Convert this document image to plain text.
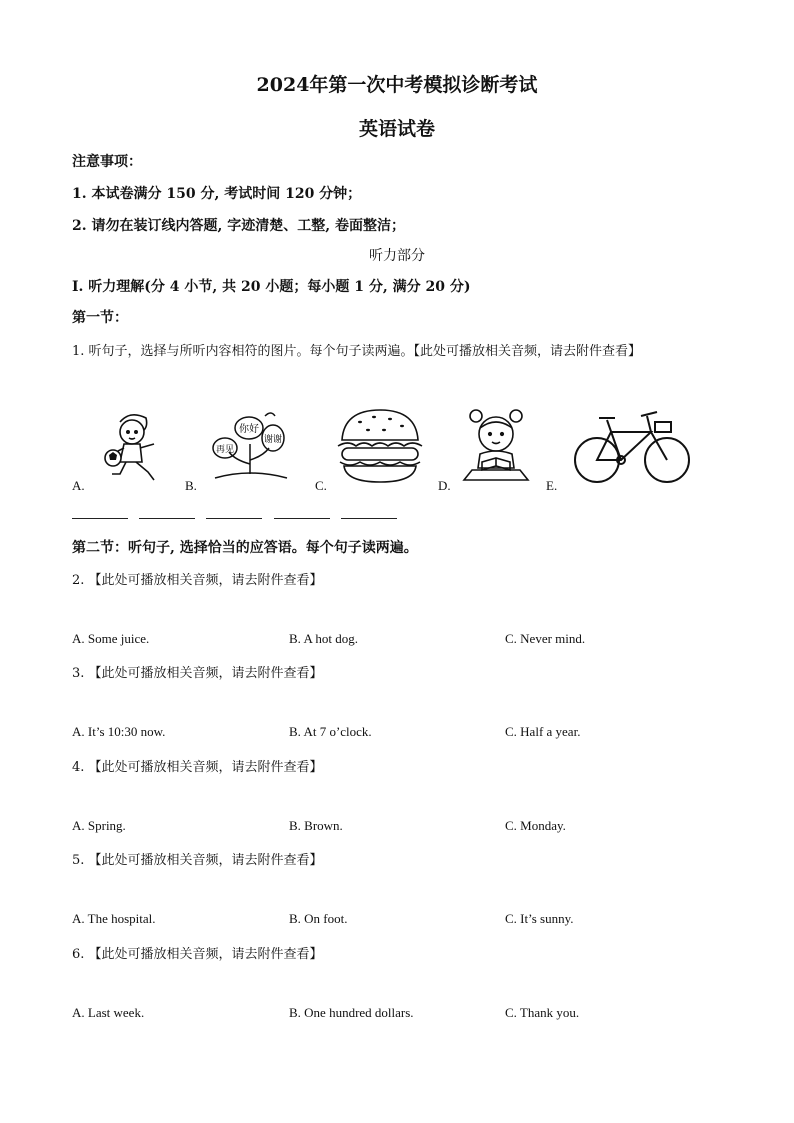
2024年第一次中考模拟诊断考试
英语试卷
注意事项：
1. 本试卷满分 150 分, 考试时间 120 分钟；
2. 请勿在装订线内答题, 字迹清楚、工整, 卷面整洁；
听力部分
I. 听力理解(分 4 小节, 共 20 小题；每小题 1 分, 满分 20 分)
第一节：
1. 听句子，选择与所听内容相符的图片。每个句子读两遍。【此处可播放相关音频，请去附件查看】
A.	B.
再见
你好
谢谢
C.	D.	E.
第二节：听句子, 选择恰当的应答语。每个句子读两遍。
2. 【此处可播放相关音频，请去附件查看】
A. Some juice.	B. A hot dog.	C. Never mind.
3. 【此处可播放相关音频，请去附件查看】
A. It’s 10:30 now.	B. At 7 o’clock.	C. Half a year.
4. 【此处可播放相关音频，请去附件查看】
A. Spring.	B. Brown.	C. Monday.
5. 【此处可播放相关音频，请去附件查看】
A. The hospital.	B. On foot.	C. It’s sunny.
6. 【此处可播放相关音频，请去附件查看】
A. Last week.	B. One hundred dollars.	C. Thank you.
